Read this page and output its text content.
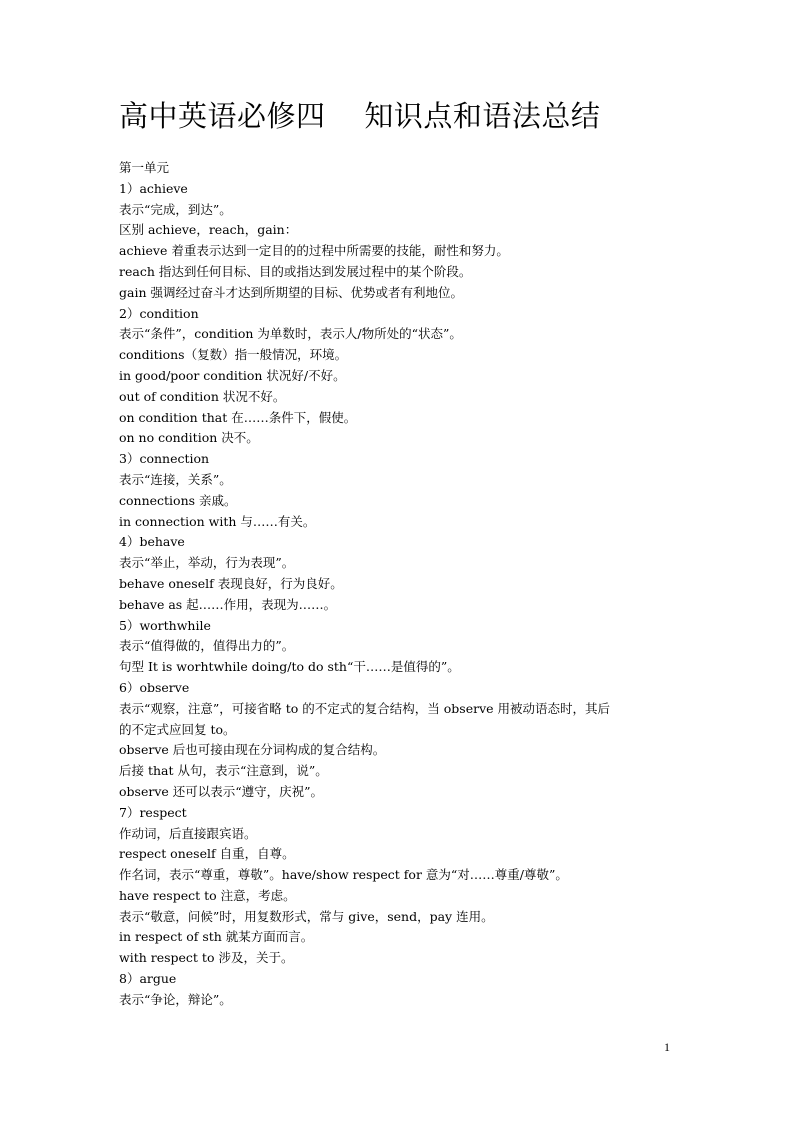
高中英语必修四    知识点和语法总结
第一单元
1）achieve
表示“完成，到达”。
区别 achieve，reach，gain：
achieve 着重表示达到一定目的的过程中所需要的技能，耐性和努力。
reach 指达到任何目标、目的或指达到发展过程中的某个阶段。
gain 强调经过奋斗才达到所期望的目标、优势或者有利地位。
2）condition
表示“条件”，condition 为单数时，表示人/物所处的“状态”。
conditions（复数）指一般情况，环境。
in good/poor condition 状况好/不好。
out of condition 状况不好。
on condition that 在……条件下，假使。
on no condition 决不。
3）connection
表示“连接，关系”。
connections 亲戚。
in connection with 与……有关。
4）behave
表示“举止，举动，行为表现”。
behave oneself 表现良好，行为良好。
behave as 起……作用，表现为……。
5）worthwhile
表示“值得做的，值得出力的”。
句型 It is worhtwhile doing/to do sth“干……是值得的”。
6）observe
表示“观察，注意”，可接省略 to 的不定式的复合结构，当 observe 用被动语态时，其后
的不定式应回复 to。
observe 后也可接由现在分词构成的复合结构。
后接 that 从句，表示“注意到，说”。
observe 还可以表示“遵守，庆祝”。
7）respect
作动词，后直接跟宾语。
respect oneself 自重，自尊。
作名词，表示“尊重，尊敬”。have/show respect for 意为“对……尊重/尊敬”。
have respect to 注意，考虑。
表示“敬意，问候”时，用复数形式，常与 give，send，pay 连用。
in respect of sth 就某方面而言。
with respect to 涉及，关于。
8）argue
表示“争论，辩论”。
1
